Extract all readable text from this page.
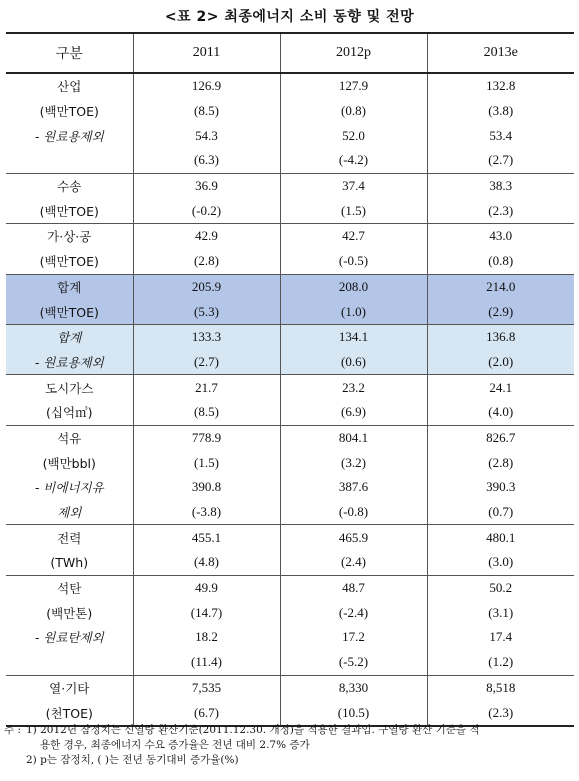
<표 2> 최종에너지 소비 동향 및 전망
구분	2011	2012p	2013e
산업	126.9	127.9	132.8
(백만TOE)	(8.5)	(0.8)	(3.8)
- 원료용제외	54.3	52.0	53.4
	(6.3)	(-4.2)	(2.7)
수송	36.9	37.4	38.3
(백만TOE)	(-0.2)	(1.5)	(2.3)
가·상·공	42.9	42.7	43.0
(백만TOE)	(2.8)	(-0.5)	(0.8)
합계	205.9	208.0	214.0
(백만TOE)	(5.3)	(1.0)	(2.9)
합계	133.3	134.1	136.8
- 원료용제외	(2.7)	(0.6)	(2.0)
도시가스	21.7	23.2	24.1
(십억㎥)	(8.5)	(6.9)	(4.0)
석유	778.9	804.1	826.7
(백만bbl)	(1.5)	(3.2)	(2.8)
- 비에너지유	390.8	387.6	390.3
제외	(-3.8)	(-0.8)	(0.7)
전력	455.1	465.9	480.1
(TWh)	(4.8)	(2.4)	(3.0)
석탄	49.9	48.7	50.2
(백만톤)	(14.7)	(-2.4)	(3.1)
- 원료탄제외	18.2	17.2	17.4
	(11.4)	(-5.2)	(1.2)
열·기타	7,535	8,330	8,518
(천TOE)	(6.7)	(10.5)	(2.3)
주 : 1) 2012년 잠정치는 신열량 환산기준(2011.12.30. 개정)을 적용한 결과임. 구열량 환산 기준을 적
용한 경우, 최종에너지 수요 증가율은 전년 대비 2.7% 증가
2) p는 잠정치, ( )는 전년 동기대비 증가율(%)
